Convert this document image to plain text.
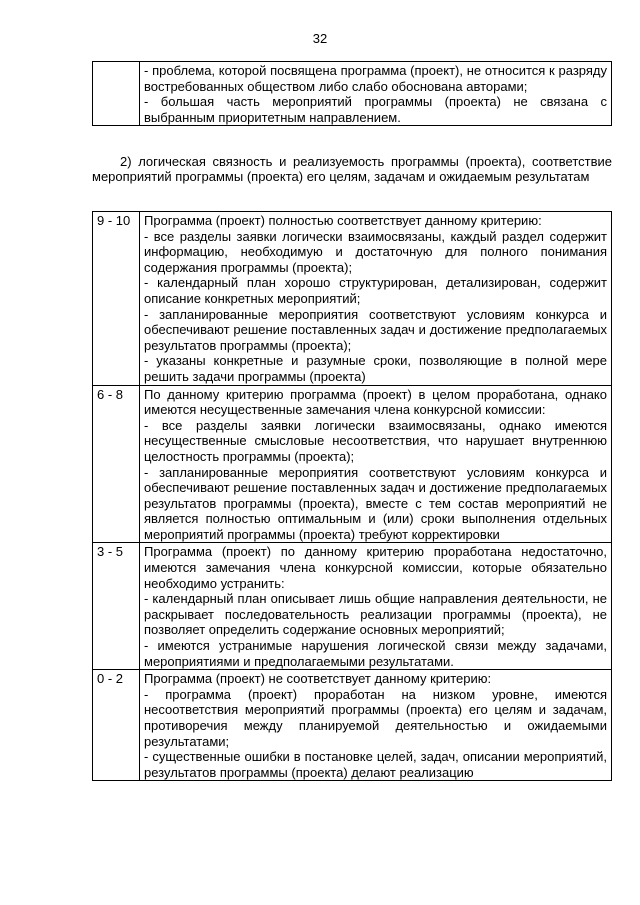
32

- проблема, которой посвящена программа (проект), не относится к разряду востребованных обществом либо слабо обоснована авторами;
- большая часть мероприятий программы (проекта) не связана с выбранным приоритетным направлением.
2) логическая связность и реализуемость программы (проекта), соответствие мероприятий программы (проекта) его целям, задачам и ожидаемым результатам
9 - 10	Программа (проект) полностью соответствует данному критерию:
- все разделы заявки логически взаимосвязаны, каждый раздел содержит информацию, необходимую и достаточную для полного понимания содержания программы (проекта);
- календарный план хорошо структурирован, детализирован, содержит описание конкретных мероприятий;
- запланированные мероприятия соответствуют условиям конкурса и обеспечивают решение поставленных задач и достижение предполагаемых результатов программы (проекта);
- указаны конкретные и разумные сроки, позволяющие в полной мере решить задачи программы (проекта)

6 - 8	По данному критерию программа (проект) в целом проработана, однако имеются несущественные замечания члена конкурсной комиссии:
- все разделы заявки логически взаимосвязаны, однако имеются несущественные смысловые несоответствия, что нарушает внутреннюю целостность программы (проекта);
- запланированные мероприятия соответствуют условиям конкурса и обеспечивают решение поставленных задач и достижение предполагаемых результатов программы (проекта), вместе с тем состав мероприятий не является полностью оптимальным и (или) сроки выполнения отдельных мероприятий программы (проекта) требуют корректировки

3 - 5	Программа (проект) по данному критерию проработана недостаточно, имеются замечания члена конкурсной комиссии, которые обязательно необходимо устранить:
- календарный план описывает лишь общие направления деятельности, не раскрывает последовательность реализации программы (проекта), не позволяет определить содержание основных мероприятий;
- имеются устранимые нарушения логической связи между задачами, мероприятиями и предполагаемыми результатами.

0 - 2	Программа (проект) не соответствует данному критерию:
- программа (проект) проработан на низком уровне, имеются несоответствия мероприятий программы (проекта) его целям и задачам, противоречия между планируемой деятельностью и ожидаемыми результатами;
- существенные ошибки в постановке целей, задач, описании мероприятий, результатов программы (проекта) делают реализацию
